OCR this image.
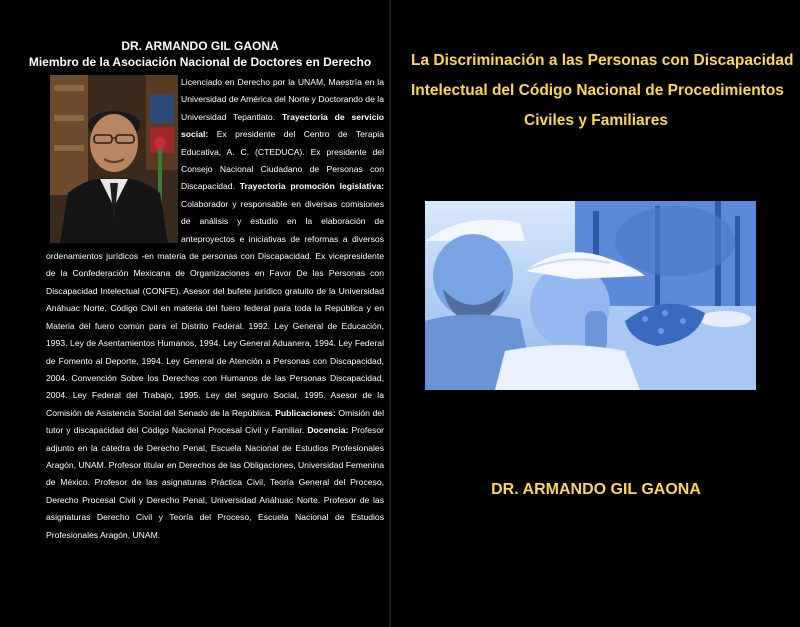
DR. ARMANDO GIL GAONA
Miembro de la Asociación Nacional de Doctores en Derecho
Licenciado en Derecho por la UNAM, Maestría en la Universidad de América del Norte y Doctorando de la Universidad Tepantlato. Trayectoria de servicio social: Ex presidente del Centro de Terapia Educativa, A. C. (CTEDUCA). Ex presidente del Consejo Nacional Ciudadano de Personas con Discapacidad. Trayectoria promoción legislativa: Colaborador y responsable en diversas comisiones de análisis y estudio en la elaboración de anteproyectos e iniciativas de reformas a diversos ordenamientos jurídicos -en materia de personas con Discapacidad. Ex vicepresidente de la Confederación Mexicana de Organizaciones en Favor De las Personas con Discapacidad Intelectual (CONFE). Asesor del bufete jurídico gratuito de la Universidad Anáhuac Norte. Código Civil en materia del fuero federal para toda la República y en Materia del fuero común para el Distrito Federal. 1992. Ley General de Educación, 1993. Ley de Asentamientos Humanos, 1994. Ley General Aduanera, 1994. Ley Federal de Fomento al Deporte, 1994. Ley General de Atención a Personas con Discapacidad, 2004. Convención Sobre los Derechos con Humanos de las Personas Discapacidad, 2004. Ley Federal del Trabajo, 1995. Ley del seguro Social, 1995. Asesor de la Comisión de Asistencia Social del Senado de la República. Publicaciones: Omisión del tutor y discapacidad del Código Nacional Procesal Civil y Familiar. Docencia: Profesor adjunto en la cátedra de Derecho Penal, Escuela Nacional de Estudios Profesionales Aragón, UNAM. Profesor titular en Derechos de las Obligaciones, Universidad Femenina de México. Profesor de las asignaturas Práctica Civil, Teoría General del Proceso, Derecho Procesal Civil y Derecho Penal, Universidad Anáhuac Norte. Profesor de las asignaturas Derecho Civil y Teoría del Proceso, Escuela Nacional de Estudios Profesionales Aragón, UNAM.
La Discriminación a las Personas con Discapacidad
Intelectual del Código Nacional de Procedimientos
Civiles y Familiares
DR. ARMANDO GIL GAONA
